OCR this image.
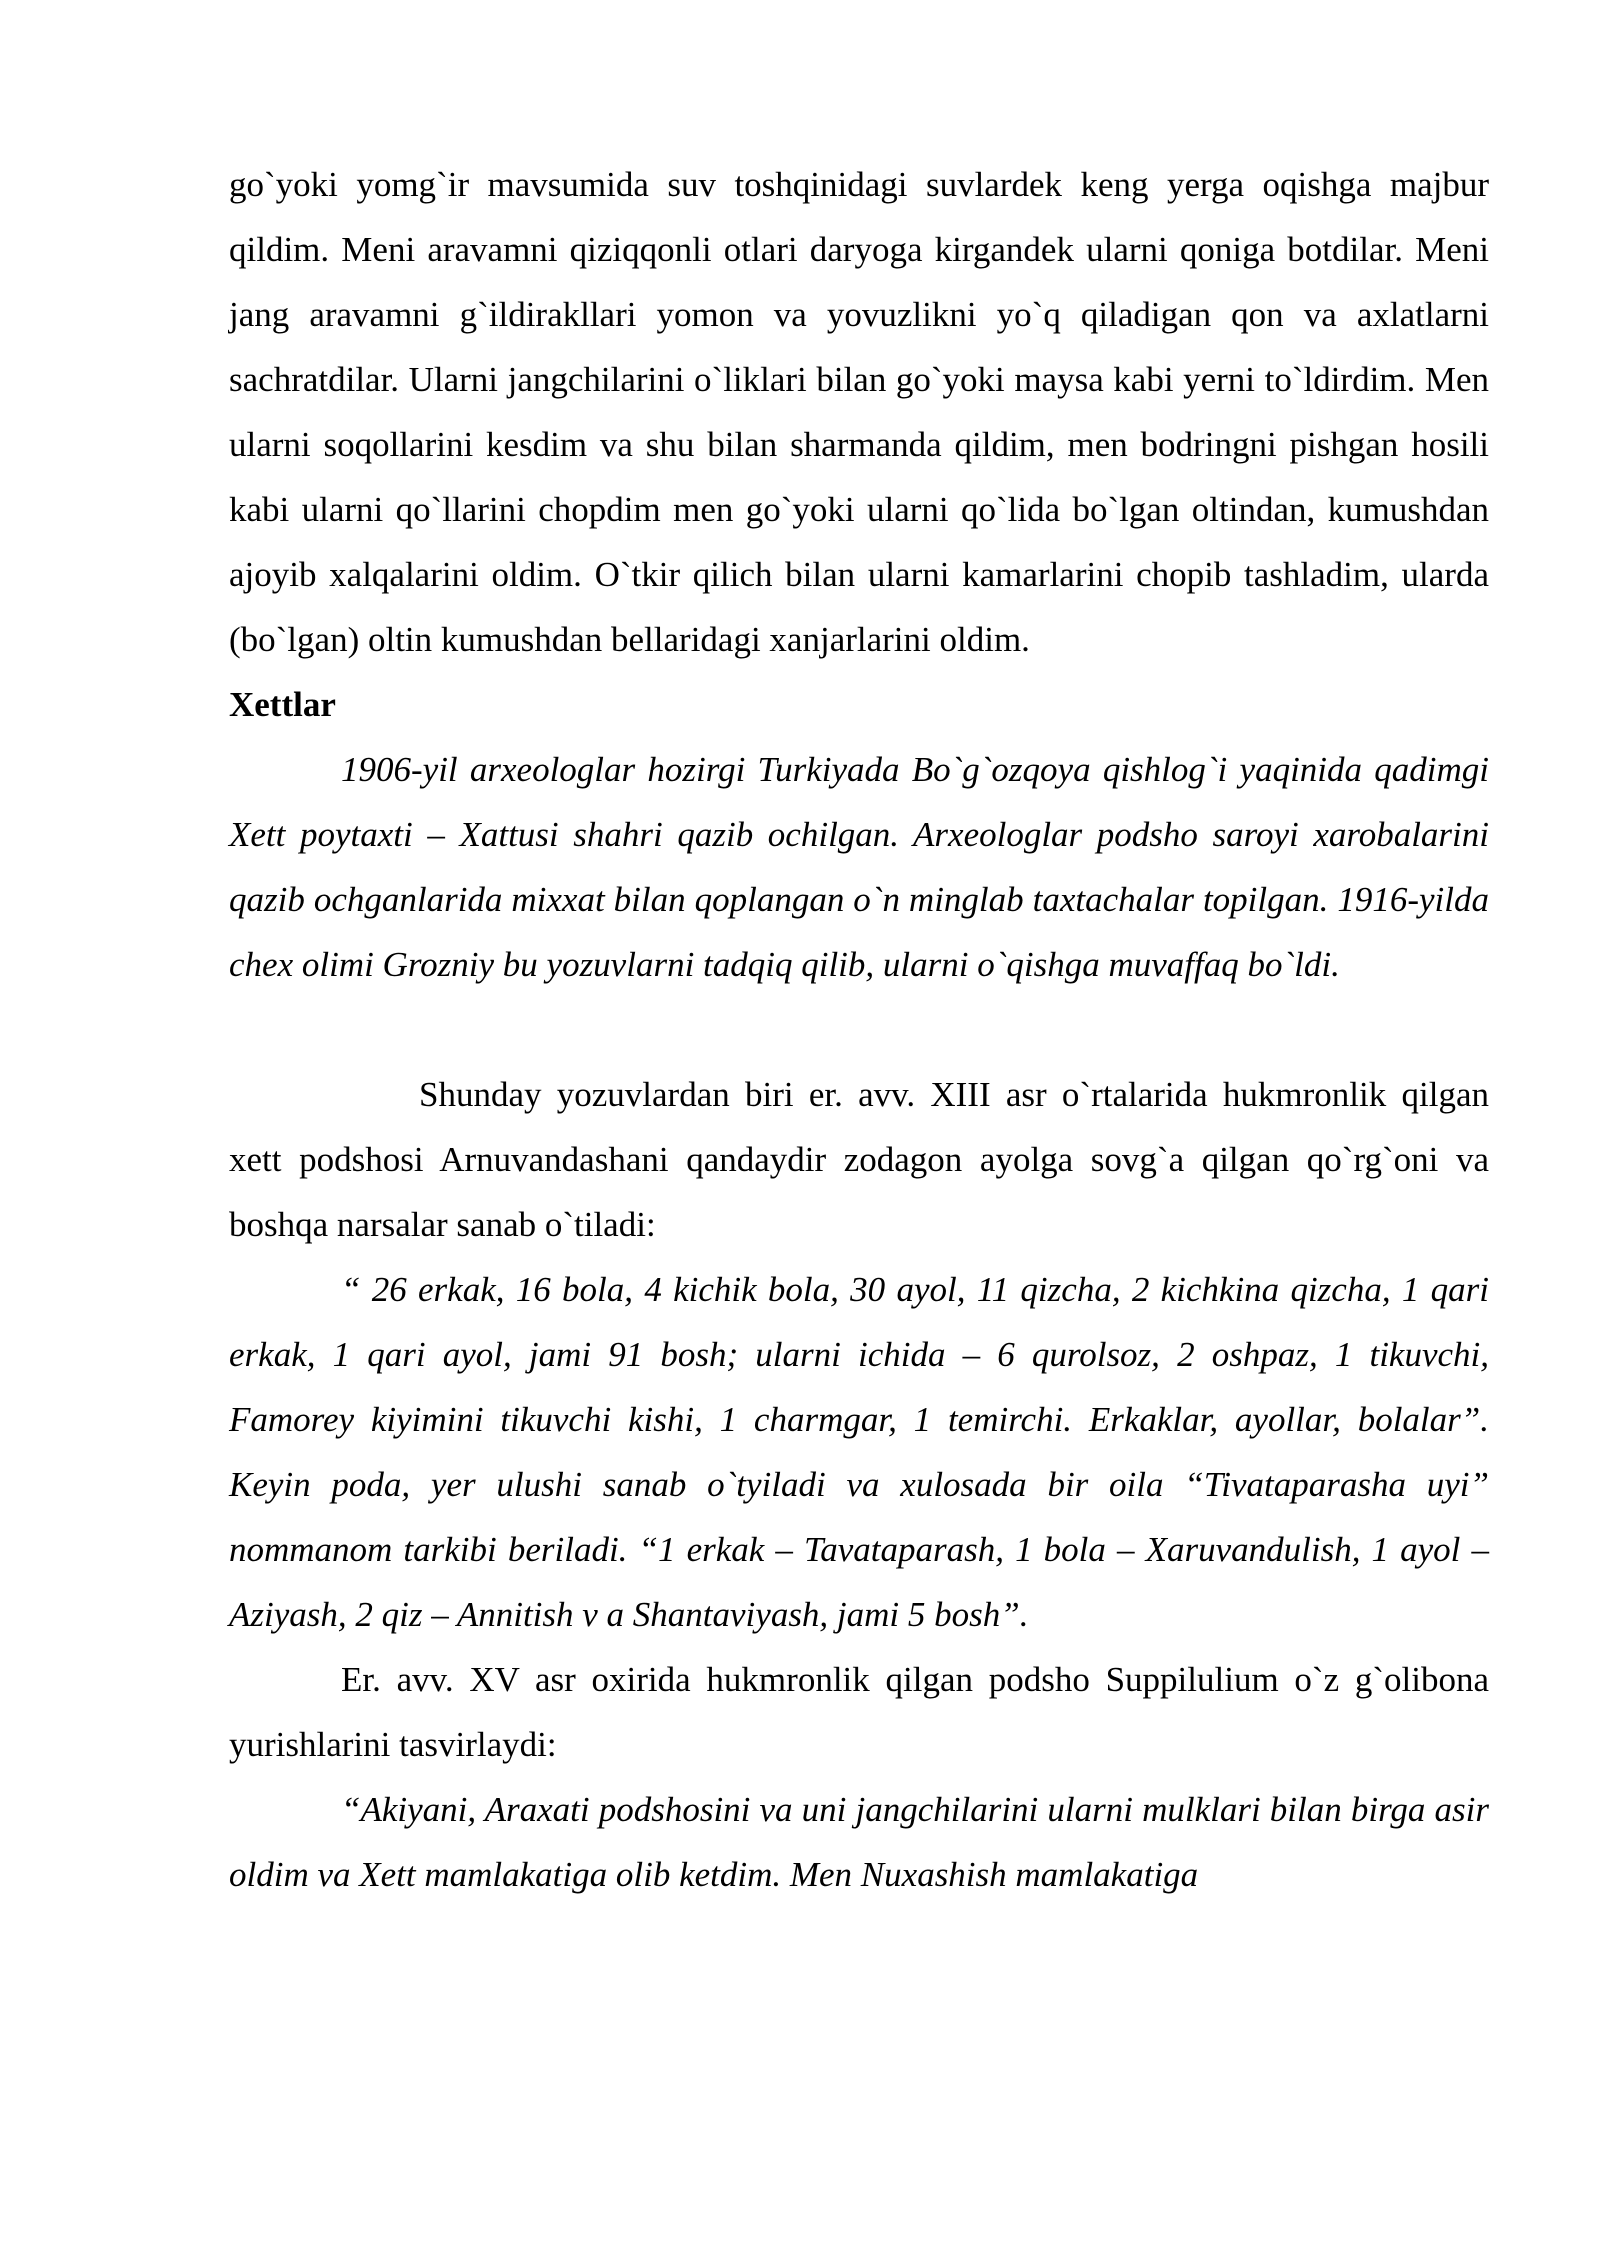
go`yoki yomg`ir mavsumida suv toshqinidagi suvlardek keng yerga oqishga majbur qildim. Meni aravamni qiziqqonli otlari daryoga kirgandek ularni qoniga botdilar. Meni jang aravamni g`ildirakllari yomon va yovuzlikni yo`q qiladigan qon va axlatlarni sachratdilar. Ularni jangchilarini o`liklari bilan go`yoki maysa kabi yerni to`ldirdim. Men ularni soqollarini kesdim va shu bilan sharmanda qildim, men bodringni pishgan hosili kabi ularni qo`llarini chopdim men go`yoki ularni qo`lida bo`lgan oltindan, kumushdan ajoyib xalqalarini oldim. O`tkir qilich bilan ularni kamarlarini chopib tashladim, ularda (bo`lgan) oltin kumushdan bellaridagi xanjarlarini oldim.

Xettlar

1906-yil arxeologlar hozirgi Turkiyada Bo`g`ozqoya qishlog`i yaqinida qadimgi Xett poytaxti – Xattusi shahri qazib ochilgan. Arxeologlar podsho saroyi xarobalarini qazib ochganlarida mixxat bilan qoplangan o`n minglab taxtachalar topilgan. 1916-yilda chex olimi Grozniy bu yozuvlarni tadqiq qilib, ularni o`qishga muvaffaq bo`ldi.

Shunday yozuvlardan biri er. avv. XIII asr o`rtalarida hukmronlik qilgan xett podshosi Arnuvandashani qandaydir zodagon ayolga sovg`a qilgan qo`rg`oni va boshqa narsalar sanab o`tiladi:

“ 26 erkak, 16 bola, 4 kichik bola, 30 ayol, 11 qizcha, 2 kichkina qizcha, 1 qari erkak, 1 qari ayol, jami 91 bosh; ularni ichida – 6 qurolsoz, 2 oshpaz, 1 tikuvchi, Famorey kiyimini tikuvchi kishi, 1 charmgar, 1 temirchi. Erkaklar, ayollar, bolalar”. Keyin poda, yer ulushi sanab o`tyiladi va xulosada bir oila “Tivataparasha uyi” nommanom tarkibi beriladi. “1 erkak – Tavataparash, 1 bola – Xaruvandulish, 1 ayol – Aziyash, 2 qiz – Annitish v a Shantaviyash, jami 5 bosh”.

Er. avv. XV asr oxirida hukmronlik qilgan podsho Suppilulium o`z g`olibona yurishlarini tasvirlaydi:

“Akiyani, Araxati podshosini va uni jangchilarini ularni mulklari bilan birga asir oldim va Xett mamlakatiga olib ketdim. Men Nuxashish mamlakatiga
